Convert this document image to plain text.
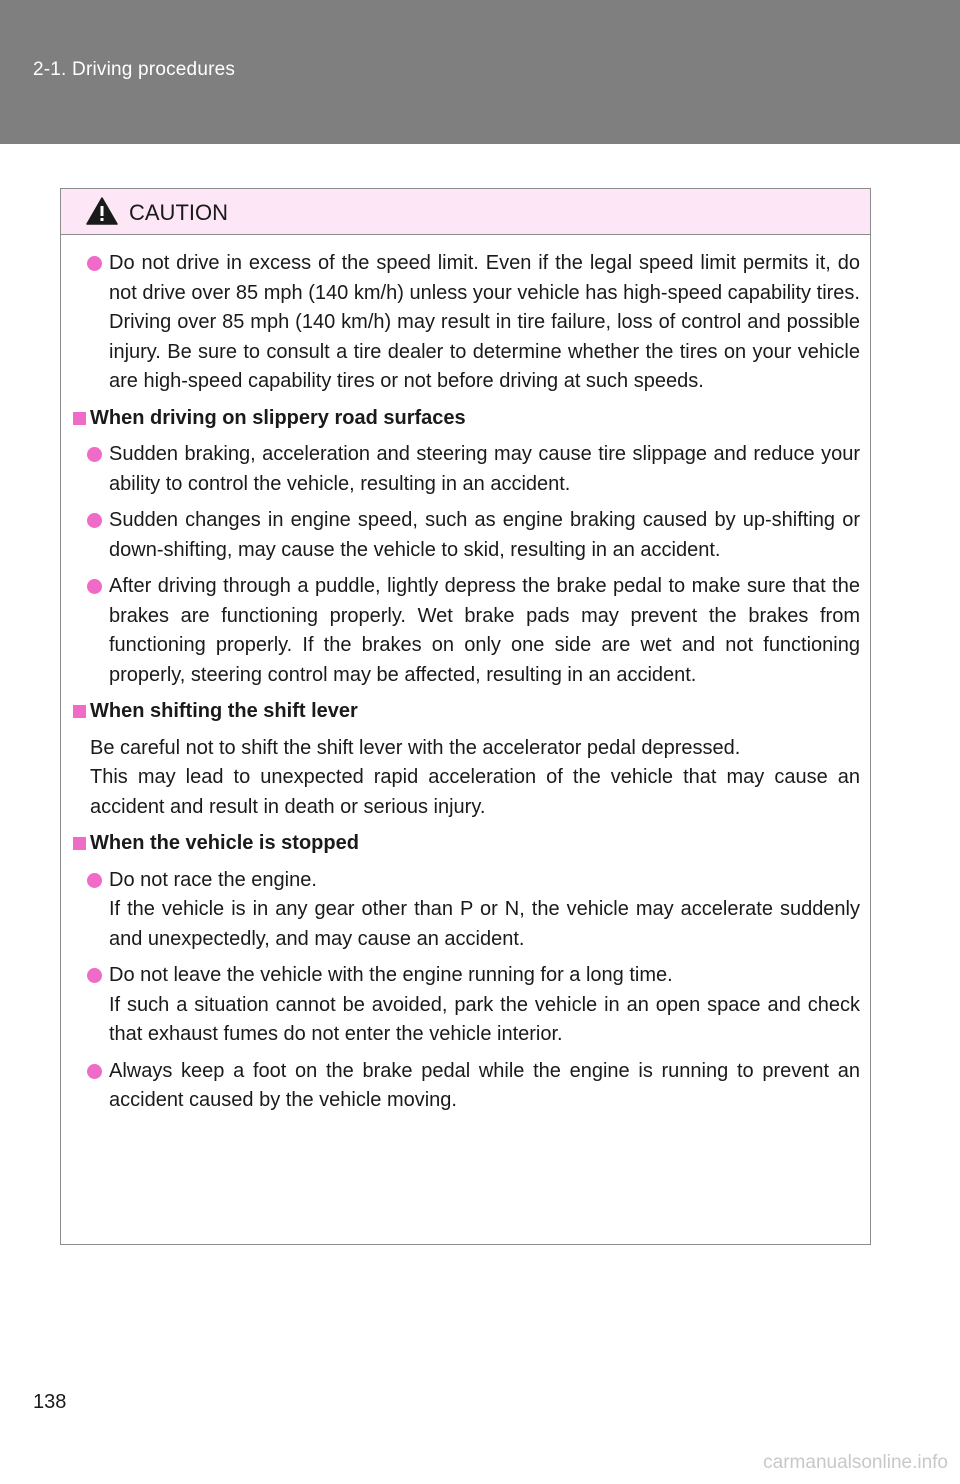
2-1. Driving procedures
CAUTION
Do not drive in excess of the speed limit. Even if the legal speed limit permits it, do not drive over 85 mph (140 km/h) unless your vehicle has high-speed capability tires. Driving over 85 mph (140 km/h) may result in tire failure, loss of control and possible injury. Be sure to consult a tire dealer to determine whether the tires on your vehicle are high-speed capability tires or not before driving at such speeds.
When driving on slippery road surfaces
Sudden braking, acceleration and steering may cause tire slippage and reduce your ability to control the vehicle, resulting in an accident.
Sudden changes in engine speed, such as engine braking caused by up-shifting or down-shifting, may cause the vehicle to skid, resulting in an accident.
After driving through a puddle, lightly depress the brake pedal to make sure that the brakes are functioning properly. Wet brake pads may prevent the brakes from functioning properly. If the brakes on only one side are wet and not functioning properly, steering control may be affected, resulting in an accident.
When shifting the shift lever
Be careful not to shift the shift lever with the accelerator pedal depressed.
This may lead to unexpected rapid acceleration of the vehicle that may cause an accident and result in death or serious injury.
When the vehicle is stopped
Do not race the engine.
If the vehicle is in any gear other than P or N, the vehicle may accelerate suddenly and unexpectedly, and may cause an accident.
Do not leave the vehicle with the engine running for a long time.
If such a situation cannot be avoided, park the vehicle in an open space and check that exhaust fumes do not enter the vehicle interior.
Always keep a foot on the brake pedal while the engine is running to prevent an accident caused by the vehicle moving.
138
carmanualsonline.info
